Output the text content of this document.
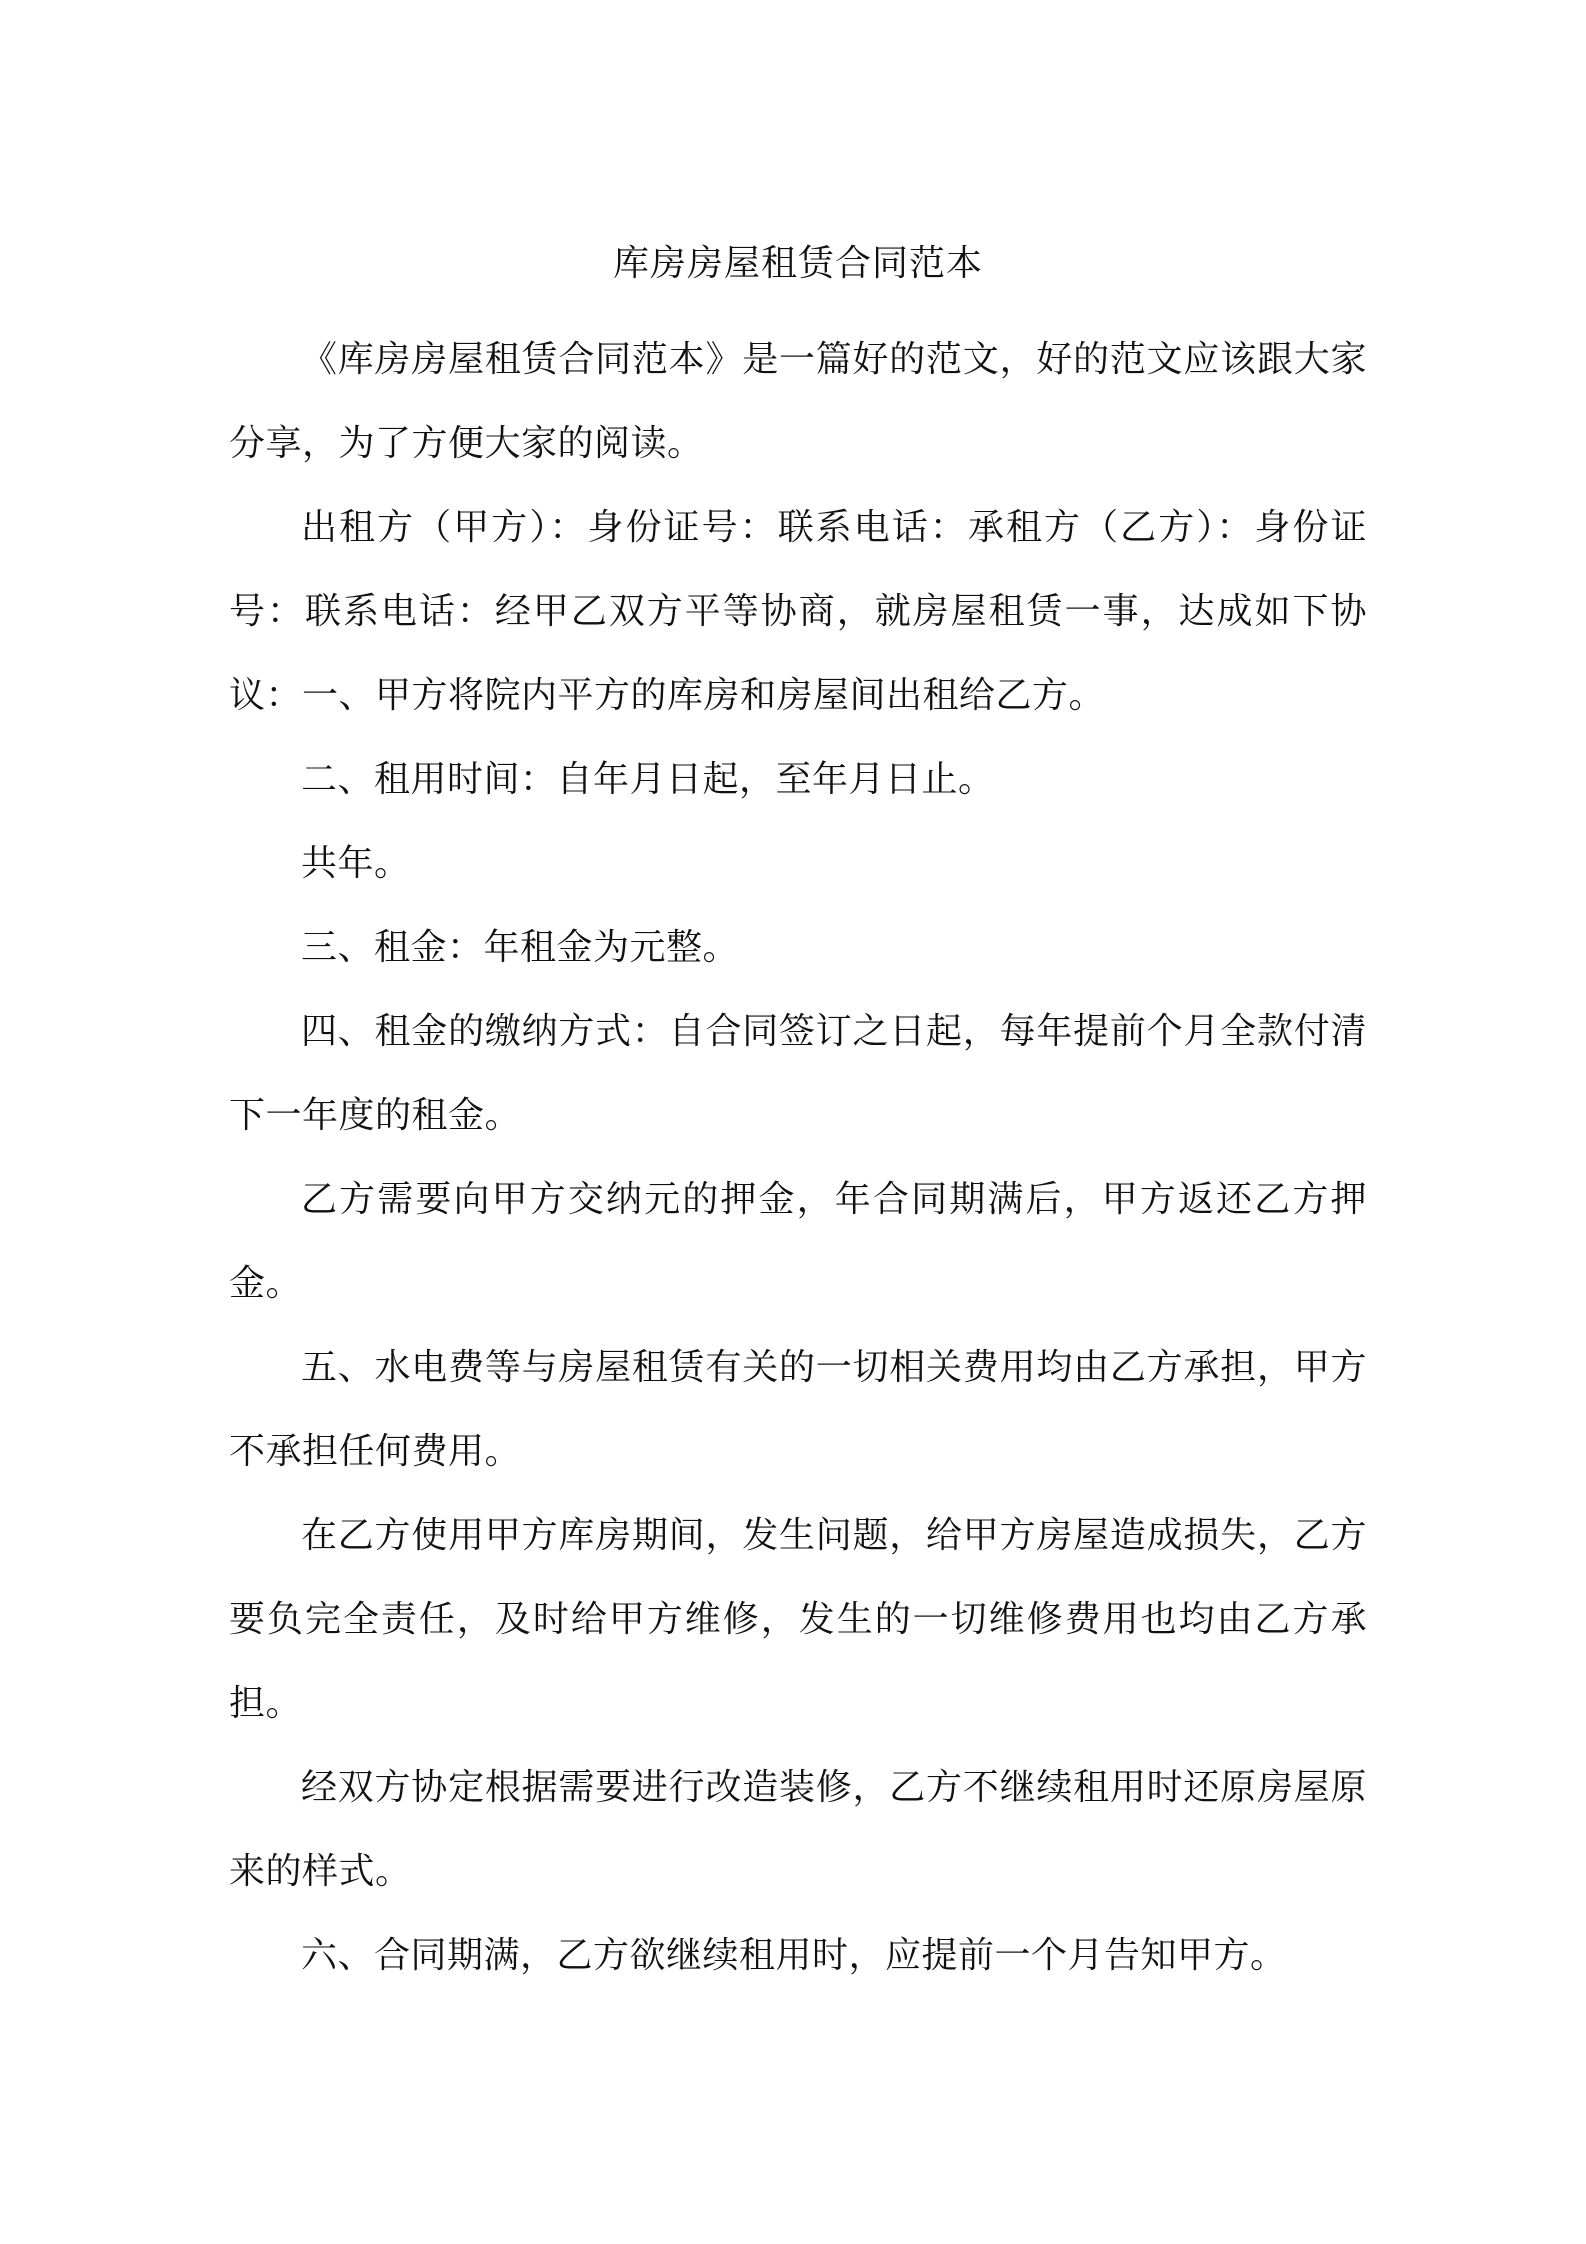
库房房屋租赁合同范本

《库房房屋租赁合同范本》是一篇好的范文，好的范文应该跟大家分享，为了方便大家的阅读。

出租方（甲方）：身份证号：联系电话：承租方（乙方）：身份证号：联系电话：经甲乙双方平等协商，就房屋租赁一事，达成如下协议：一、甲方将院内平方的库房和房屋间出租给乙方。

二、租用时间：自年月日起，至年月日止。

共年。

三、租金：年租金为元整。

四、租金的缴纳方式：自合同签订之日起，每年提前个月全款付清下一年度的租金。

乙方需要向甲方交纳元的押金，年合同期满后，甲方返还乙方押金。

五、水电费等与房屋租赁有关的一切相关费用均由乙方承担，甲方不承担任何费用。

在乙方使用甲方库房期间，发生问题，给甲方房屋造成损失，乙方要负完全责任，及时给甲方维修，发生的一切维修费用也均由乙方承担。

经双方协定根据需要进行改造装修，乙方不继续租用时还原房屋原来的样式。

六、合同期满，乙方欲继续租用时，应提前一个月告知甲方。
